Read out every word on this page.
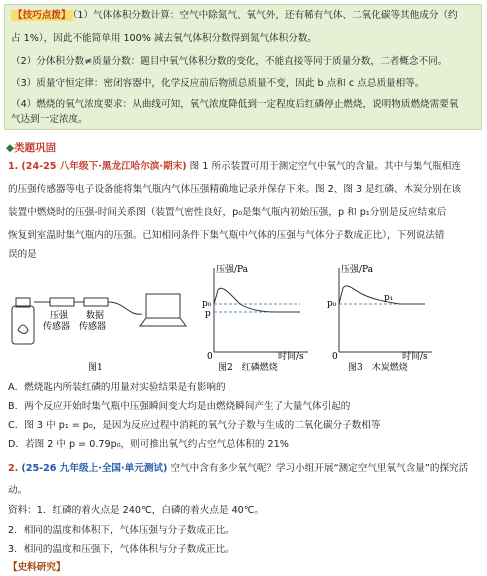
【技巧点拨】 （1）气体体积分数计算：空气中除氮气、氧气外，还有稀有气体、二氧化碳等其他成分（约
占 1%），因此不能简单用 100% 减去氧气体积分数得到氮气体积分数。
（2）分体积分数≠质量分数：题目中氧气体积分数的变化，不能直接等同于质量分数，二者概念不同。
（3）质量守恒定律：密闭容器中，化学反应前后物质总质量不变，因此 b 点和 c 点总质量相等。
（4）燃烧的氧气浓度要求：从曲线可知，氧气浓度降低到一定程度后红磷停止燃烧，说明物质燃烧需要氧
气达到一定浓度。
◆类题巩固
1. (24-25 八年级下·黑龙江哈尔滨·期末) 图 1 所示装置可用于测定空气中氧气的含量。其中与集气瓶相连
的压强传感器等电子设备能将集气瓶内气体压强精确地记录并保存下来。图 2、图 3 是红磷、木炭分别在该
装置中燃烧时的压强-时间关系图（装置气密性良好，p₀是集气瓶内初始压强，p 和 p₁分别是反应结束后
恢复到室温时集气瓶内的压强。已知相同条件下集气瓶中气体的压强与气体分子数成正比），下列说法错
误的是
压强
传感器
数据
传感器
图1
压强/Pa
p₀
p
0	时间/s
图2　红磷燃烧
压强/Pa
p₀
p₁
0	时间/s
图3　木炭燃烧
A．燃烧匙内所装红磷的用量对实验结果是有影响的
B．两个反应开始时集气瓶中压强瞬间变大均是由燃烧瞬间产生了大量气体引起的
C．图 3 中 p₁ = p₀，是因为反应过程中消耗的氧气分子数与生成的二氧化碳分子数相等
D．若图 2 中 p = 0.79p₀，则可推出氧气约占空气总体积的 21%
2. (25-26 九年级上·全国·单元测试) 空气中含有多少氧气呢？学习小组开展“测定空气里氧气含量”的探究活
动。
资料：1．红磷的着火点是 240℃，白磷的着火点是 40℃。
2．相同的温度和体积下，气体压强与分子数成正比。
3．相同的温度和压强下，气体体积与分子数成正比。
【史料研究】
